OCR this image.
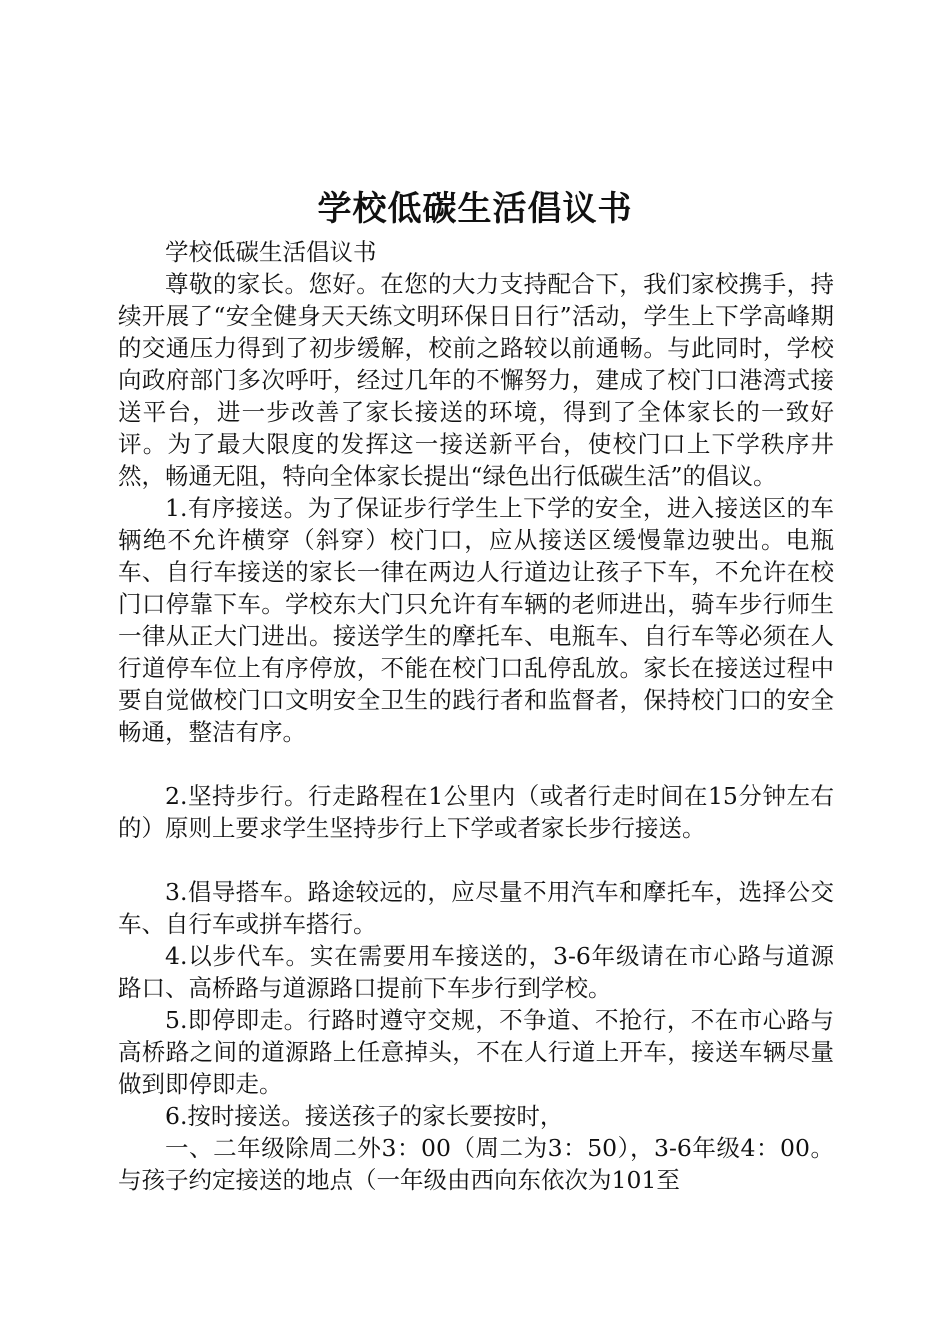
学校低碳生活倡议书

学校低碳生活倡议书

尊敬的家长。您好。在您的大力支持配合下，我们家校携手，持续开展了“安全健身天天练文明环保日日行”活动，学生上下学高峰期的交通压力得到了初步缓解，校前之路较以前通畅。与此同时，学校向政府部门多次呼吁，经过几年的不懈努力，建成了校门口港湾式接送平台，进一步改善了家长接送的环境，得到了全体家长的一致好评。为了最大限度的发挥这一接送新平台，使校门口上下学秩序井然，畅通无阻，特向全体家长提出“绿色出行低碳生活”的倡议。

1.有序接送。为了保证步行学生上下学的安全，进入接送区的车辆绝不允许横穿（斜穿）校门口，应从接送区缓慢靠边驶出。电瓶车、自行车接送的家长一律在两边人行道边让孩子下车，不允许在校门口停靠下车。学校东大门只允许有车辆的老师进出，骑车步行师生一律从正大门进出。接送学生的摩托车、电瓶车、自行车等必须在人行道停车位上有序停放，不能在校门口乱停乱放。家长在接送过程中要自觉做校门口文明安全卫生的践行者和监督者，保持校门口的安全畅通，整洁有序。

2.坚持步行。行走路程在1公里内（或者行走时间在15分钟左右的）原则上要求学生坚持步行上下学或者家长步行接送。

3.倡导搭车。路途较远的，应尽量不用汽车和摩托车，选择公交车、自行车或拼车搭行。

4.以步代车。实在需要用车接送的，3-6年级请在市心路与道源路口、高桥路与道源路口提前下车步行到学校。

5.即停即走。行路时遵守交规，不争道、不抢行，不在市心路与高桥路之间的道源路上任意掉头，不在人行道上开车，接送车辆尽量做到即停即走。

6.按时接送。接送孩子的家长要按时，

一、二年级除周二外3：00（周二为3：50），3-6年级4：00。与孩子约定接送的地点（一年级由西向东依次为101至
